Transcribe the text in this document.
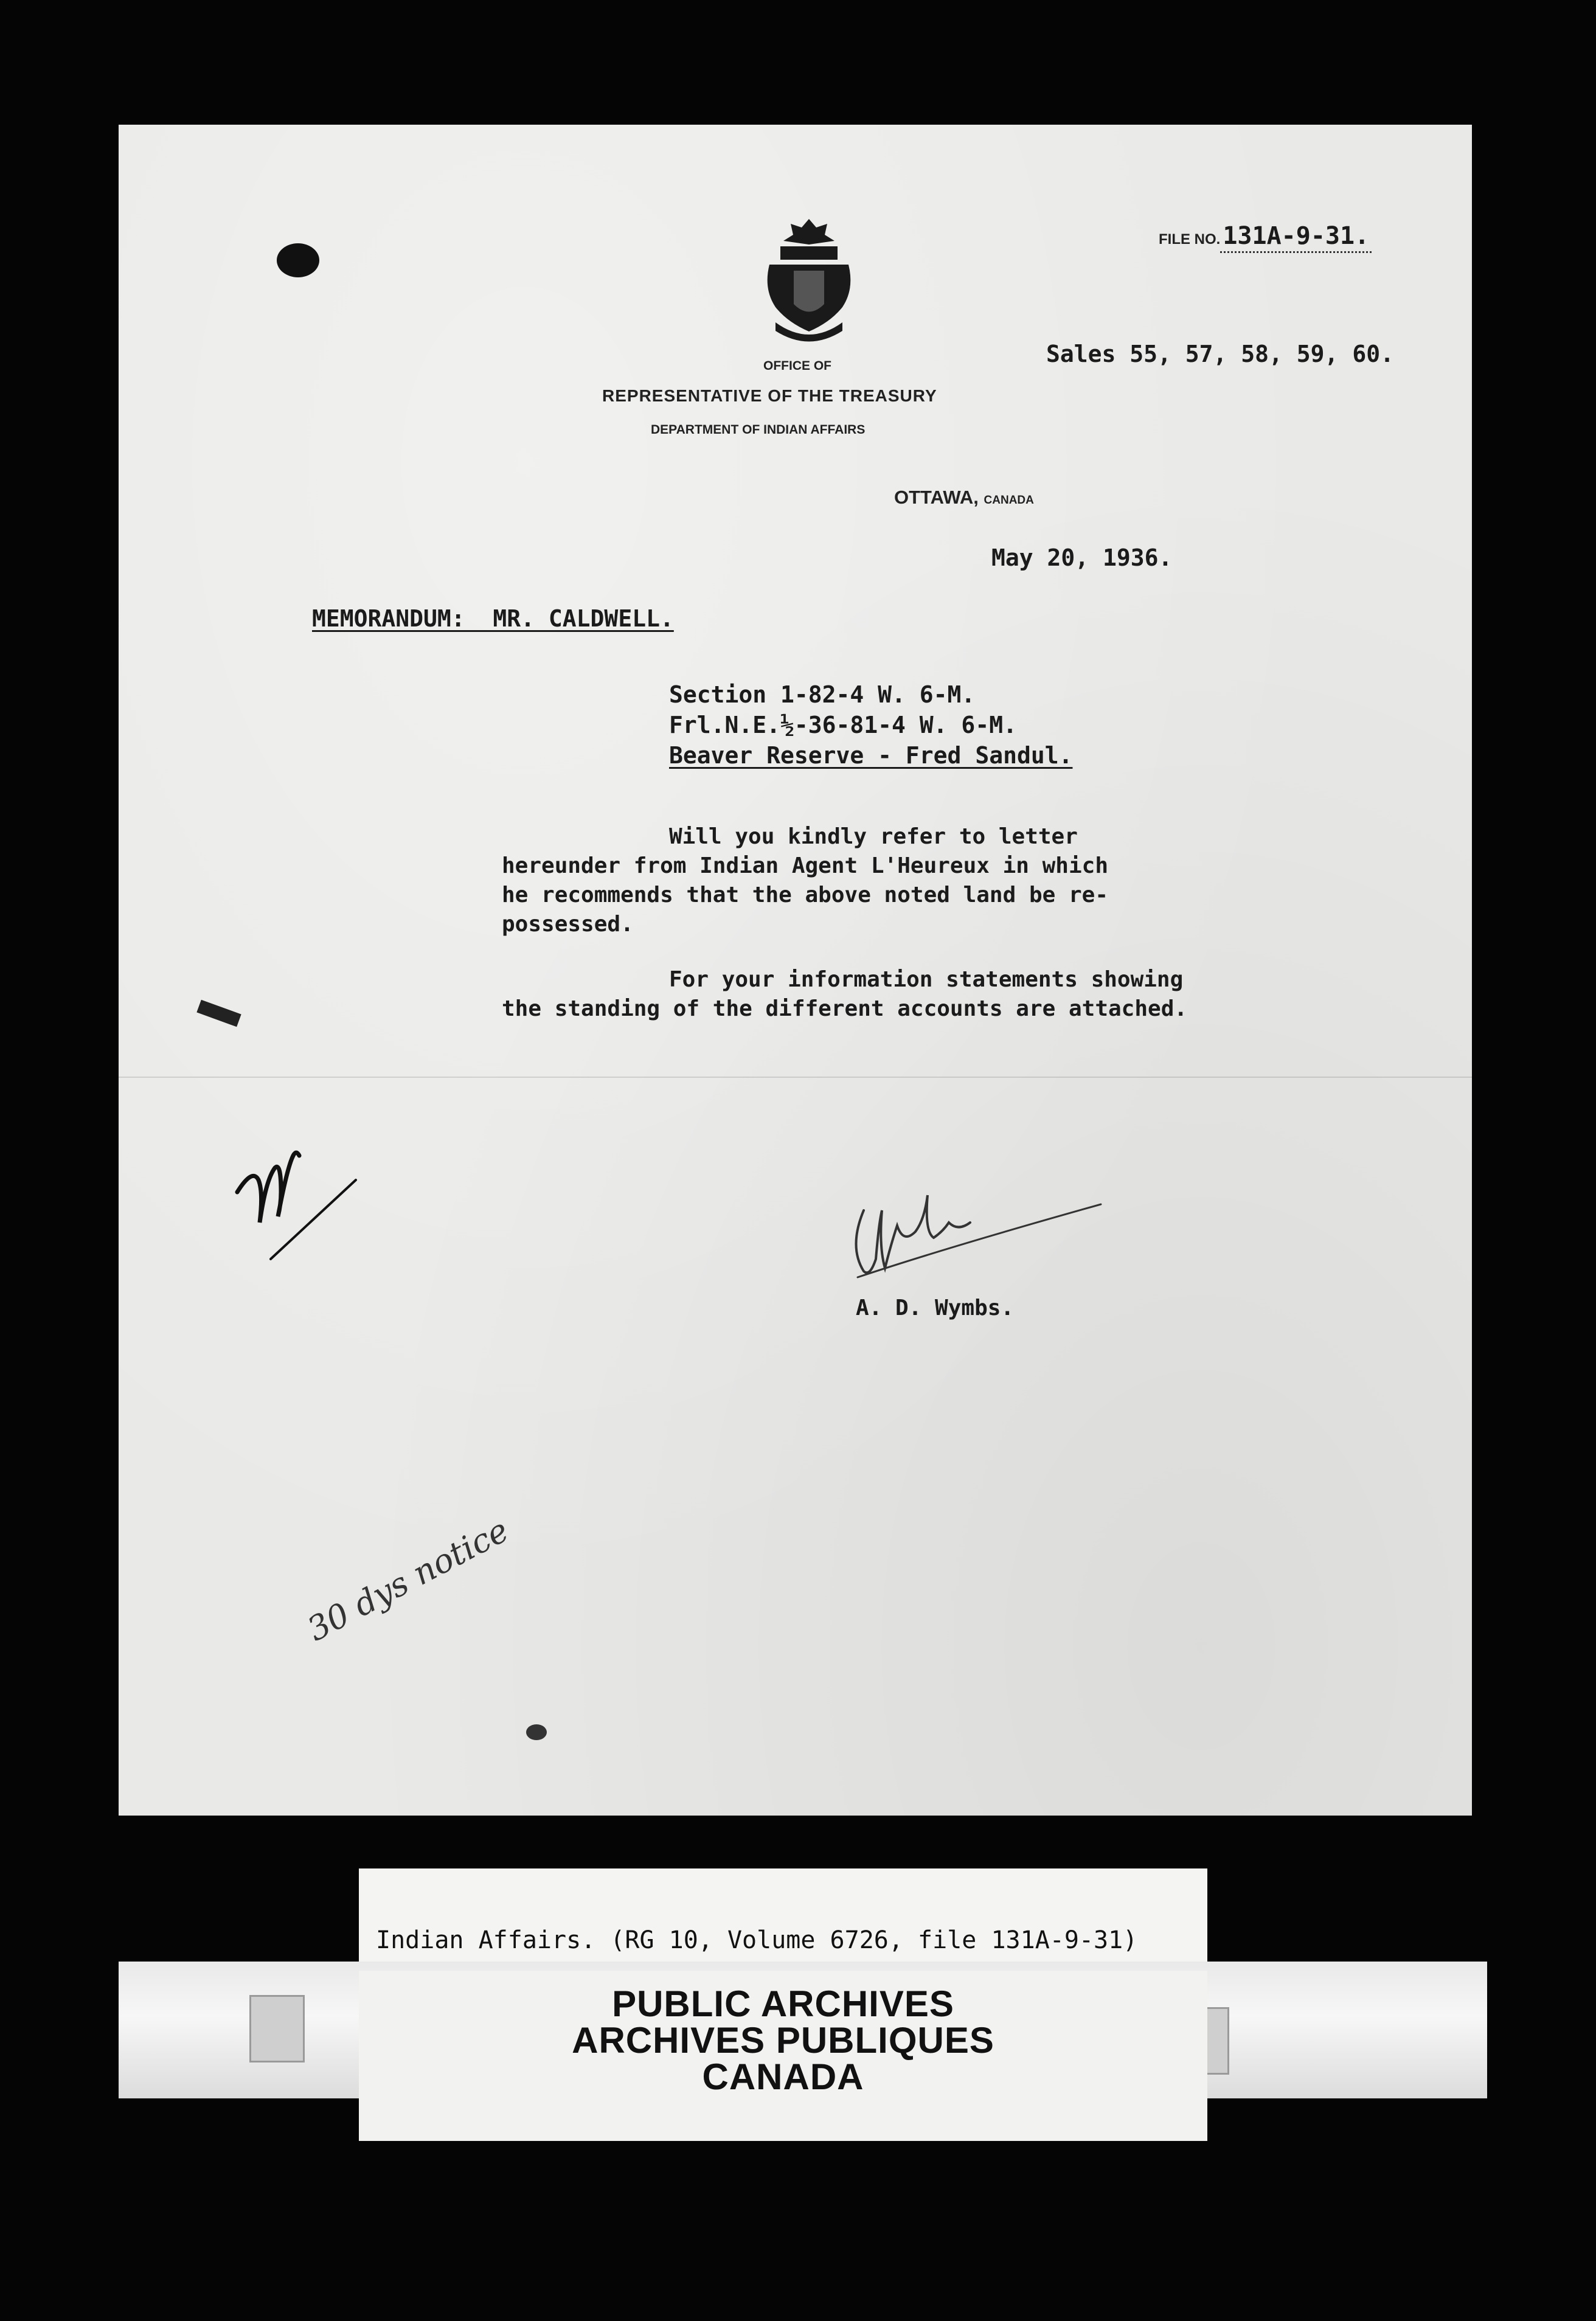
FILE NO. 131A-9-31.
Sales 55, 57, 58, 59, 60.
OFFICE OF
REPRESENTATIVE OF THE TREASURY
DEPARTMENT OF INDIAN AFFAIRS
OTTAWA, CANADA
May 20, 1936.
MEMORANDUM:  MR. CALDWELL.
Section 1-82-4 W. 6-M.
Frl.N.E.½-36-81-4 W. 6-M.
Beaver Reserve - Fred Sandul.
Will you kindly refer to letter
hereunder from Indian Agent L'Heureux in which
he recommends that the above noted land be re-
possessed.
For your information statements showing
the standing of the different accounts are attached.
A. D. Wymbs.
30 dys notice
Indian Affairs. (RG 10, Volume 6726, file 131A-9-31)
PUBLIC ARCHIVES
ARCHIVES PUBLIQUES
CANADA
